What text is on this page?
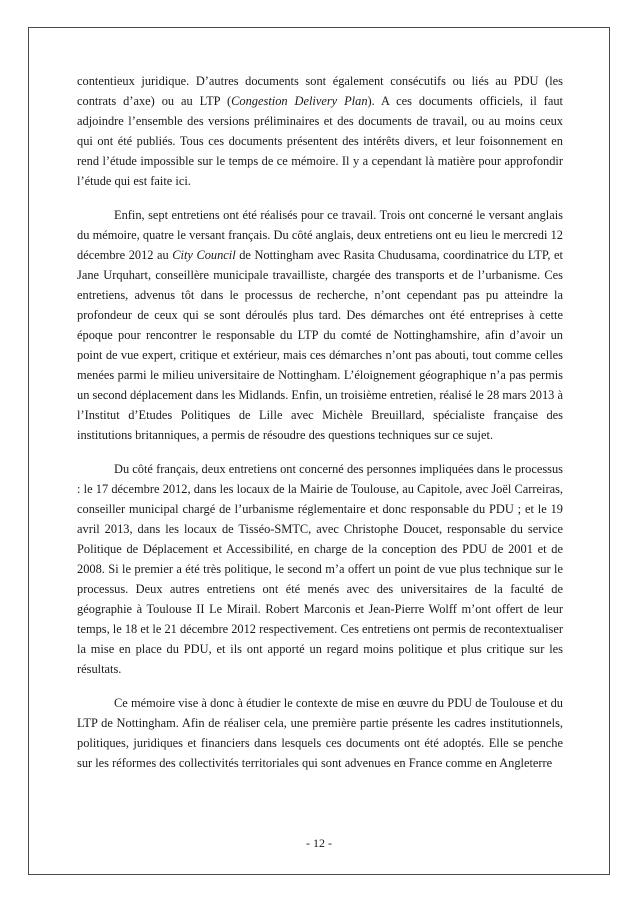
contentieux juridique. D’autres documents sont également consécutifs ou liés au PDU (les contrats d’axe) ou au LTP (Congestion Delivery Plan). A ces documents officiels, il faut adjoindre l’ensemble des versions préliminaires et des documents de travail, ou au moins ceux qui ont été publiés. Tous ces documents présentent des intérêts divers, et leur foisonnement en rend l’étude impossible sur le temps de ce mémoire. Il y a cependant là matière pour approfondir l’étude qui est faite ici.

Enfin, sept entretiens ont été réalisés pour ce travail. Trois ont concerné le versant anglais du mémoire, quatre le versant français. Du côté anglais, deux entretiens ont eu lieu le mercredi 12 décembre 2012 au City Council de Nottingham avec Rasita Chudusama, coordinatrice du LTP, et Jane Urquhart, conseillère municipale travailliste, chargée des transports et de l’urbanisme. Ces entretiens, advenus tôt dans le processus de recherche, n’ont cependant pas pu atteindre la profondeur de ceux qui se sont déroulés plus tard. Des démarches ont été entreprises à cette époque pour rencontrer le responsable du LTP du comté de Nottinghamshire, afin d’avoir un point de vue expert, critique et extérieur, mais ces démarches n’ont pas abouti, tout comme celles menées parmi le milieu universitaire de Nottingham. L’éloignement géographique n’a pas permis un second déplacement dans les Midlands. Enfin, un troisième entretien, réalisé le 28 mars 2013 à l’Institut d’Etudes Politiques de Lille avec Michèle Breuillard, spécialiste française des institutions britanniques, a permis de résoudre des questions techniques sur ce sujet.

Du côté français, deux entretiens ont concerné des personnes impliquées dans le processus : le 17 décembre 2012, dans les locaux de la Mairie de Toulouse, au Capitole, avec Joël Carreiras, conseiller municipal chargé de l’urbanisme réglementaire et donc responsable du PDU ; et le 19 avril 2013, dans les locaux de Tisséo-SMTC, avec Christophe Doucet, responsable du service Politique de Déplacement et Accessibilité, en charge de la conception des PDU de 2001 et de 2008. Si le premier a été très politique, le second m’a offert un point de vue plus technique sur le processus. Deux autres entretiens ont été menés avec des universitaires de la faculté de géographie à Toulouse II Le Mirail. Robert Marconis et Jean-Pierre Wolff m’ont offert de leur temps, le 18 et le 21 décembre 2012 respectivement. Ces entretiens ont permis de recontextualiser la mise en place du PDU, et ils ont apporté un regard moins politique et plus critique sur les résultats.

Ce mémoire vise à donc à étudier le contexte de mise en œuvre du PDU de Toulouse et du LTP de Nottingham. Afin de réaliser cela, une première partie présente les cadres institutionnels, politiques, juridiques et financiers dans lesquels ces documents ont été adoptés. Elle se penche sur les réformes des collectivités territoriales qui sont advenues en France comme en Angleterre

- 12 -
